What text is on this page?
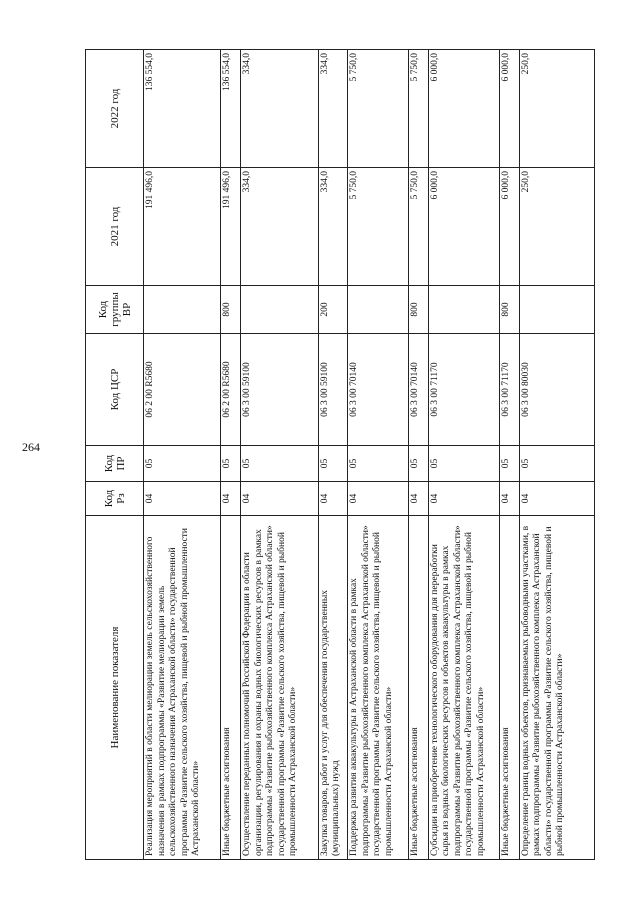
264
Наименование показателя	Код Рз	Код ПР	Код ЦСР	Код группы ВР	2021 год	2022 год
Реализация мероприятий в области мелиорации земель сельскохозяйственного назначения в рамках подпрограммы «Развитие мелиорации земель сельскохозяйственного назначения Астраханской области» государственной программы «Развитие сельского хозяйства, пищевой и рыбной промышленности Астраханской области»	04	05	06 2 00 R5680		191 496,0	136 554,0
Иные бюджетные ассигнования	04	05	06 2 00 R5680	800	191 496,0	136 554,0
Осуществление переданных полномочий Российской Федерации в области организации, регулирования и охраны водных биологических ресурсов в рамках подпрограммы «Развитие рыбохозяйственного комплекса Астраханской области» государственной программы «Развитие сельского хозяйства, пищевой и рыбной промышленности Астраханской области»	04	05	06 3 00 59100		334,0	334,0
Закупка товаров, работ и услуг для обеспечения государственных (муниципальных) нужд	04	05	06 3 00 59100	200	334,0	334,0
Поддержка развития аквакультуры в Астраханской области в рамках подпрограммы «Развитие рыбохозяйственного комплекса Астраханской области» государственной программы «Развитие сельского хозяйства, пищевой и рыбной промышленности Астраханской области»	04	05	06 3 00 70140		5 750,0	5 750,0
Иные бюджетные ассигнования	04	05	06 3 00 70140	800	5 750,0	5 750,0
Субсидии на приобретение технологического оборудования для переработки сырья из водных биологических ресурсов и объектов аквакультуры в рамках подпрограммы «Развитие рыбохозяйственного комплекса Астраханской области» государственной программы «Развитие сельского хозяйства, пищевой и рыбной промышленности Астраханской области»	04	05	06 3 00 71170		6 000,0	6 000,0
Иные бюджетные ассигнования	04	05	06 3 00 71170	800	6 000,0	6 000,0
Определение границ водных объектов, признаваемых рыбоводными участками, в рамках подпрограммы «Развитие рыбохозяйственного комплекса Астраханской области» государственной программы «Развитие сельского хозяйства, пищевой и рыбной промышленности Астраханской области»	04	05	06 3 00 80030		250,0	250,0
